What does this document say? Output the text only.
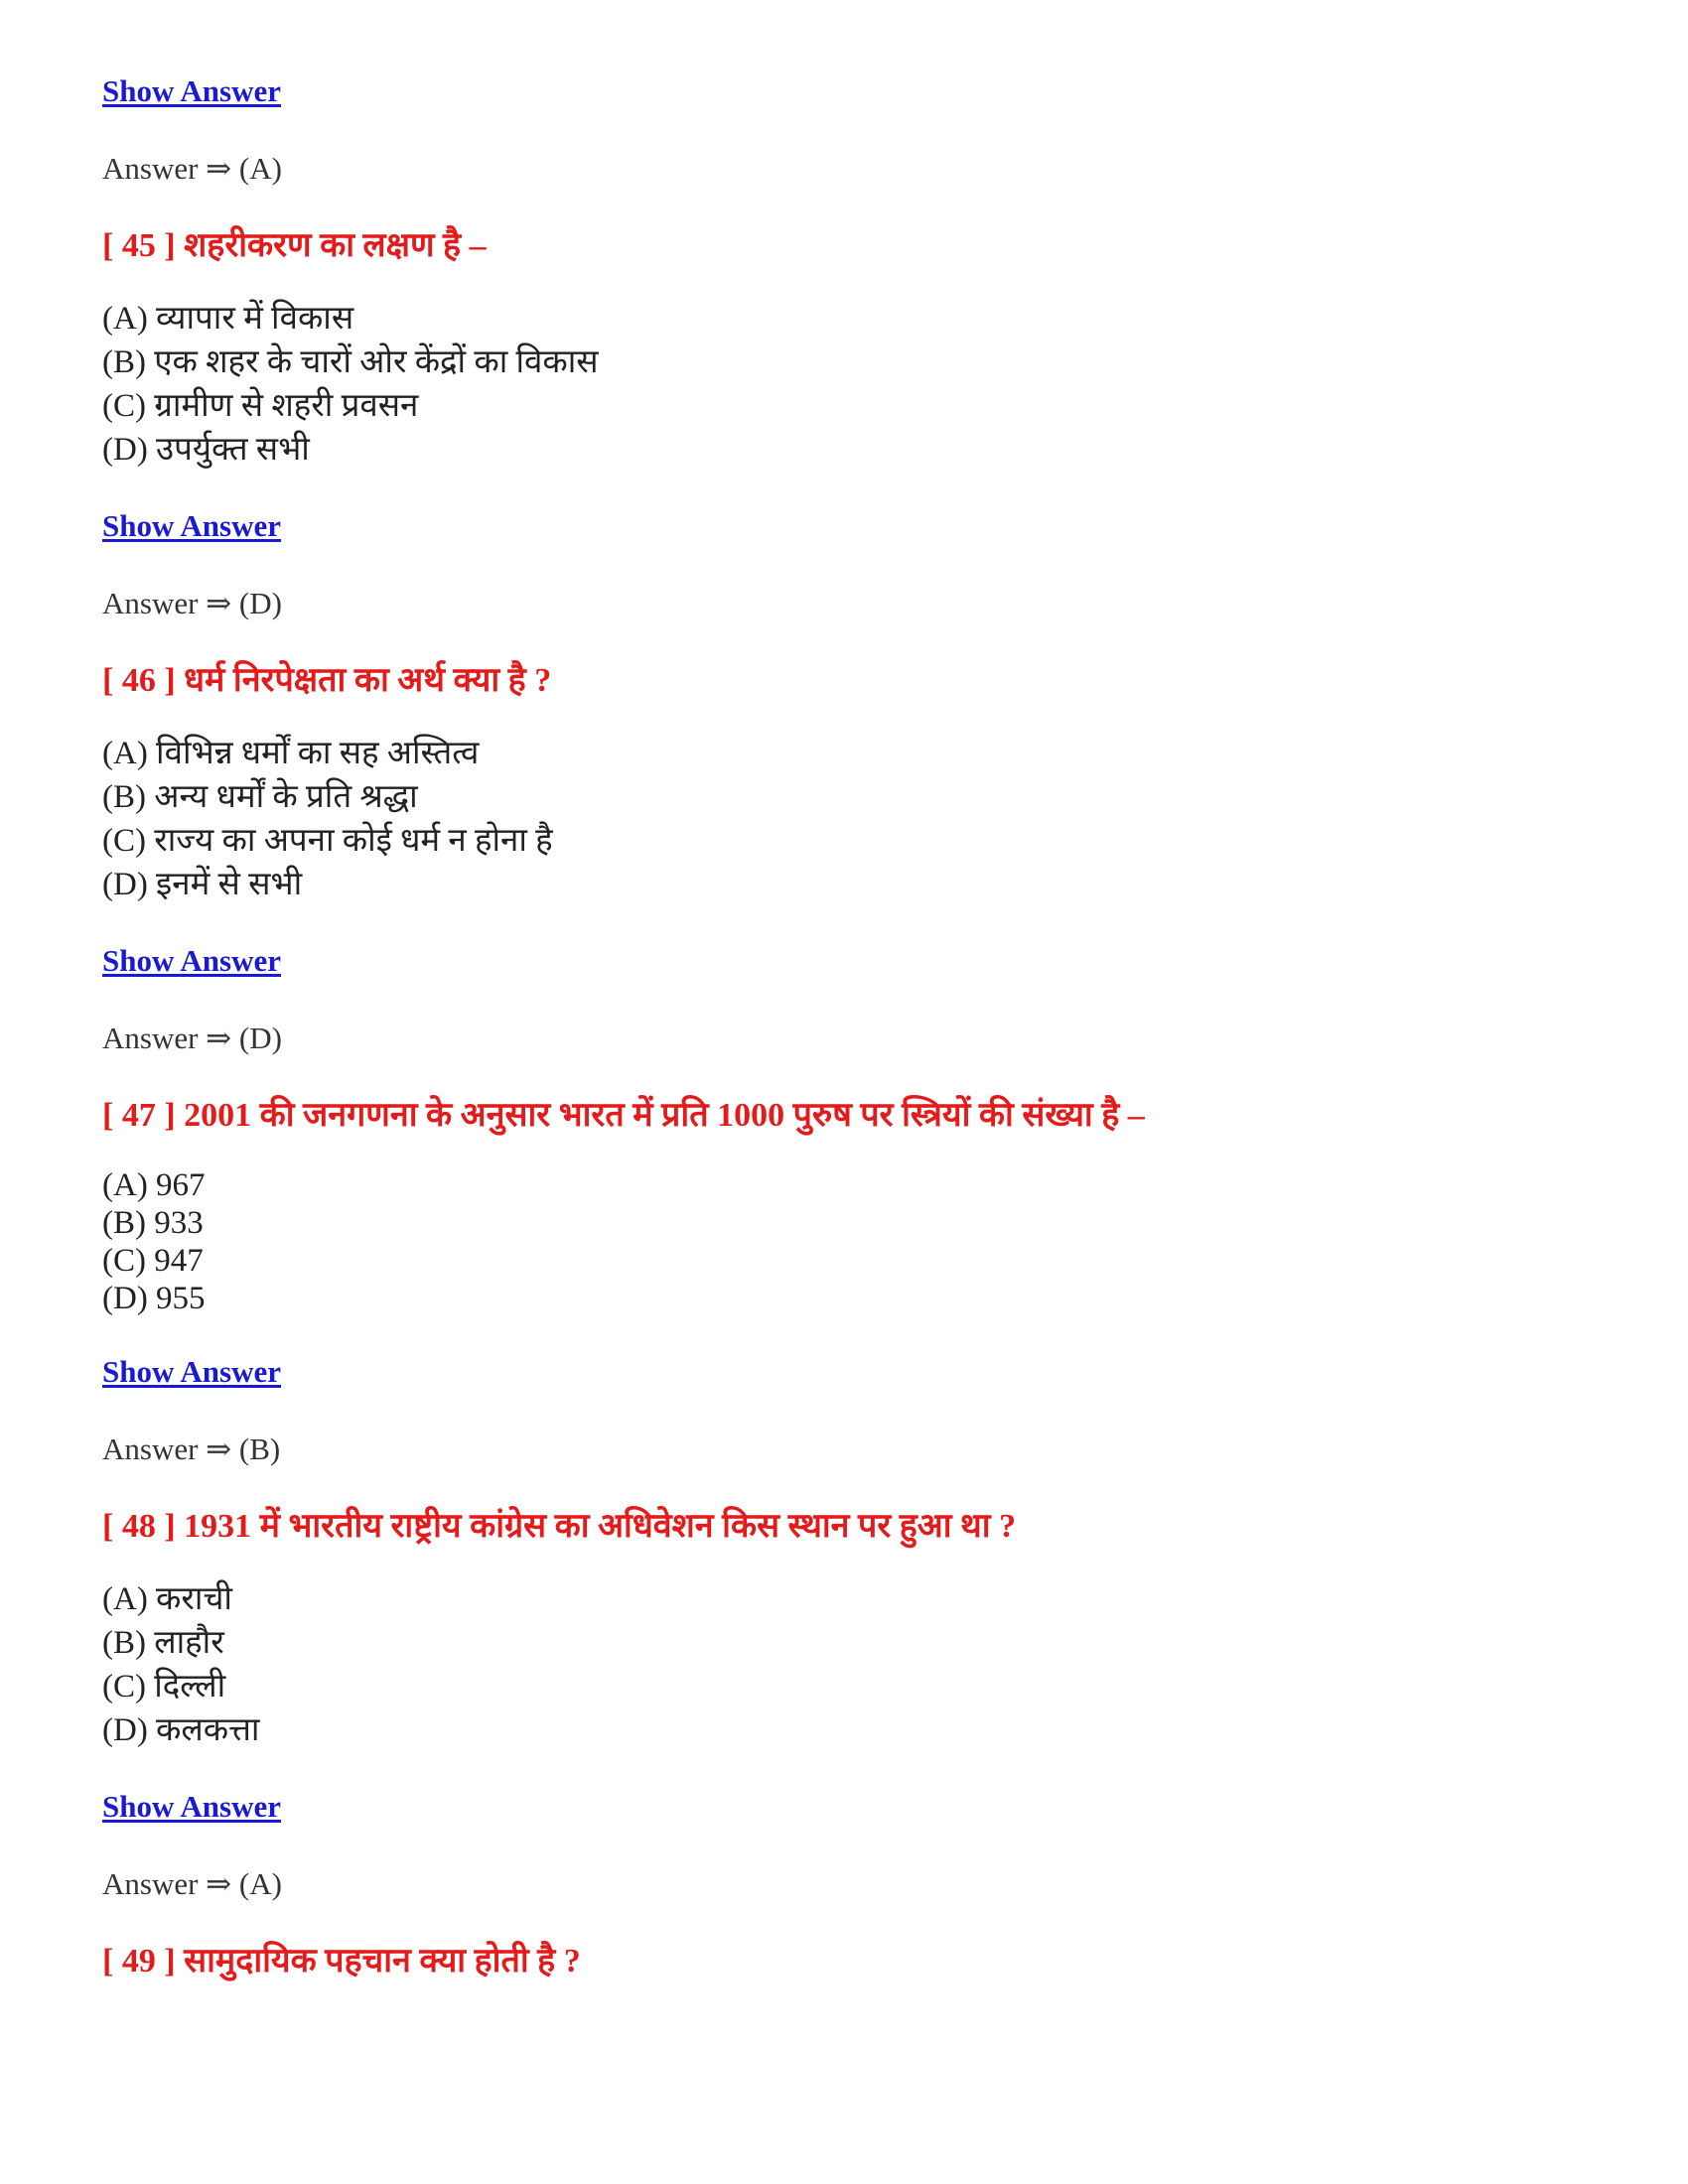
Show Answer
Answer ⇒ (A)
[ 45 ] शहरीकरण का लक्षण है –
(A) व्यापार में विकास
(B) एक शहर के चारों ओर केंद्रों का विकास
(C) ग्रामीण से शहरी प्रवसन
(D) उपर्युक्त सभी
Show Answer
Answer ⇒ (D)
[ 46 ] धर्म निरपेक्षता का अर्थ क्या है ?
(A) विभिन्न धर्मों का सह अस्तित्व
(B) अन्य धर्मों के प्रति श्रद्धा
(C) राज्य का अपना कोई धर्म न होना है
(D) इनमें से सभी
Show Answer
Answer ⇒ (D)
[ 47 ] 2001 की जनगणना के अनुसार भारत में प्रति 1000 पुरुष पर स्त्रियों की संख्या है –
(A) 967
(B) 933
(C) 947
(D) 955
Show Answer
Answer ⇒ (B)
[ 48 ] 1931 में भारतीय राष्ट्रीय कांग्रेस का अधिवेशन किस स्थान पर हुआ था ?
(A) कराची
(B) लाहौर
(C) दिल्ली
(D) कलकत्ता
Show Answer
Answer ⇒ (A)
[ 49 ] सामुदायिक पहचान क्या होती है ?
